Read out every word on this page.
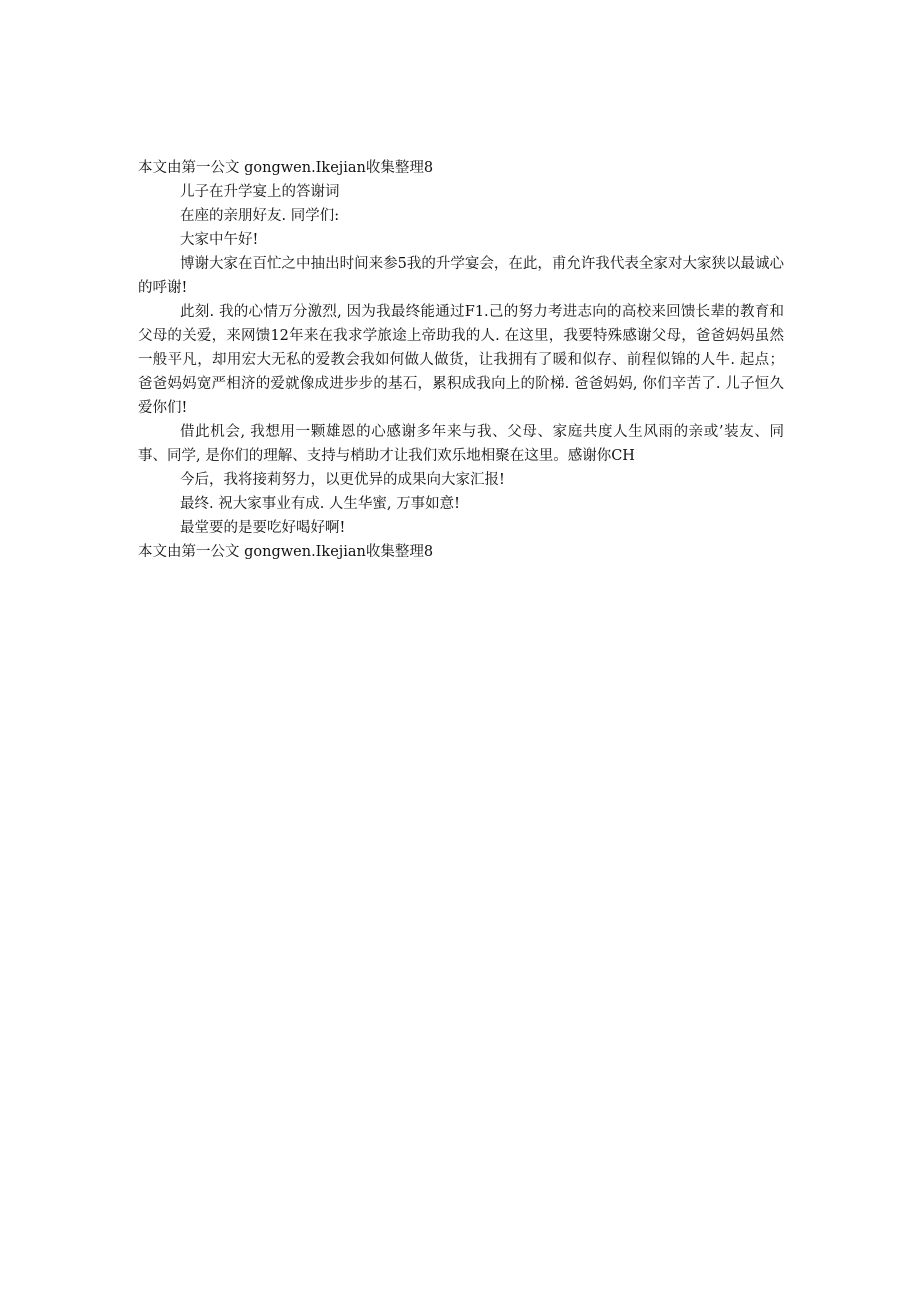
本文由第一公文 gongwen.Ikejian收集整理8

儿子在升学宴上的答谢词

在座的亲朋好友. 同学们:

大家中午好!

博谢大家在百忙之中抽出时间来参5我的升学宴会，在此，甫允许我代表全家对大家狭以最诚心的呼谢!

此刻. 我的心情万分激烈, 因为我最终能通过F1.己的努力考进志向的高校来回馈长辈的教育和父母的关爱，来网馈12年来在我求学旅途上帝助我的人. 在这里，我要特殊感谢父母，爸爸妈妈虽然一般平凡，却用宏大无私的爱教会我如何做人做货，让我拥有了暖和似存、前程似锦的人牛. 起点；爸爸妈妈宽严相济的爱就像成进步步的基石，累积成我向上的阶梯. 爸爸妈妈, 你们辛苦了. 儿子恒久爱你们!

借此机会, 我想用一颗雄恩的心感谢多年来与我、父母、家庭共度人生风雨的亲或’装友、同事、同学, 是你们的理解、支持与梢助才让我们欢乐地相聚在这里。感谢你CH

今后，我将接莉努力，以更优异的成果向大家汇报!

最终. 祝大家事业有成. 人生华蜜, 万事如意!

最堂要的是要吃好喝好啊!

本文由第一公文 gongwen.Ikejian收集整理8
